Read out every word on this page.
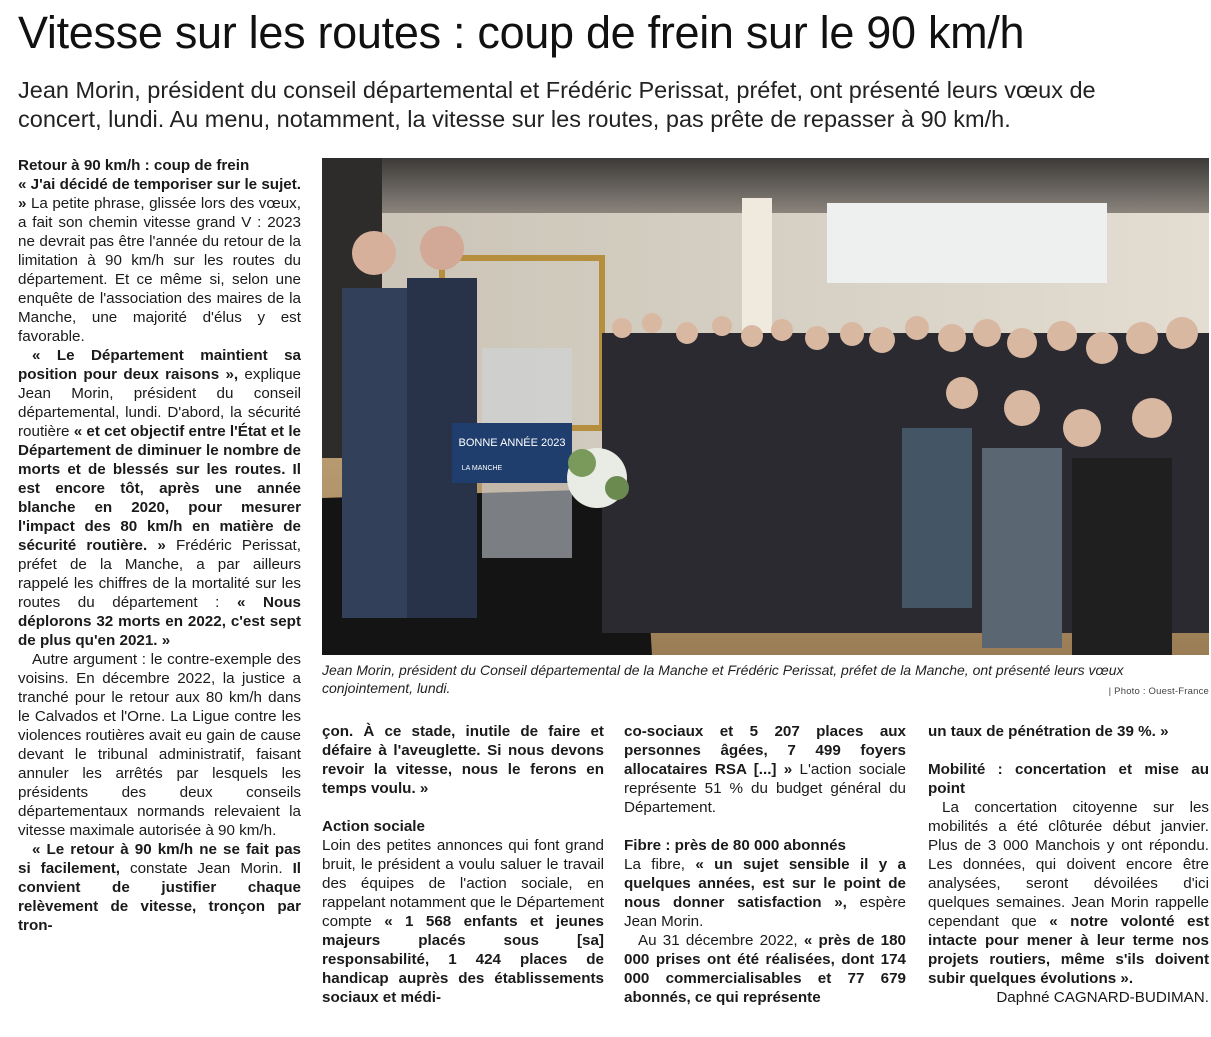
Vitesse sur les routes : coup de frein sur le 90 km/h
Jean Morin, président du conseil départemental et Frédéric Perissat, préfet, ont présenté leurs vœux de concert, lundi. Au menu, notamment, la vitesse sur les routes, pas prête de repasser à 90 km/h.

Retour à 90 km/h : coup de frein

« J'ai décidé de temporiser sur le sujet. » La petite phrase, glissée lors des vœux, a fait son chemin vitesse grand V : 2023 ne devrait pas être l'année du retour de la limitation à 90 km/h sur les routes du département. Et ce même si, selon une enquête de l'association des maires de la Manche, une majorité d'élus y est favorable.

« Le Département maintient sa position pour deux raisons », explique Jean Morin, président du conseil départemental, lundi. D'abord, la sécurité routière « et cet objectif entre l'État et le Département de diminuer le nombre de morts et de blessés sur les routes. Il est encore tôt, après une année blanche en 2020, pour mesurer l'impact des 80 km/h en matière de sécurité routière. » Frédéric Perissat, préfet de la Manche, a par ailleurs rappelé les chiffres de la mortalité sur les routes du département : « Nous déplorons 32 morts en 2022, c'est sept de plus qu'en 2021. »

Autre argument : le contre-exemple des voisins. En décembre 2022, la justice a tranché pour le retour aux 80 km/h dans le Calvados et l'Orne. La Ligue contre les violences routières avait eu gain de cause devant le tribunal administratif, faisant annuler les arrêtés par lesquels les présidents des deux conseils départementaux normands relevaient la vitesse maximale autorisée à 90 km/h.

« Le retour à 90 km/h ne se fait pas si facilement, constate Jean Morin. Il convient de justifier chaque relèvement de vitesse, tronçon par tron-

BONNE ANNÉE 2023
LA MANCHE
Jean Morin, président du Conseil départemental de la Manche et Frédéric Perissat, préfet de la Manche, ont présenté leurs vœux conjointement, lundi.	| Photo : Ouest-France

çon. À ce stade, inutile de faire et défaire à l'aveuglette. Si nous devons revoir la vitesse, nous le ferons en temps voulu. »

Action sociale

Loin des petites annonces qui font grand bruit, le président a voulu saluer le travail des équipes de l'action sociale, en rappelant notamment que le Département compte « 1 568 enfants et jeunes majeurs placés sous [sa] responsabilité, 1 424 places de handicap auprès des établissements sociaux et médi-

co-sociaux et 5 207 places aux personnes âgées, 7 499 foyers allocataires RSA [...] » L'action sociale représente 51 % du budget général du Département.

Fibre : près de 80 000 abonnés

La fibre, « un sujet sensible il y a quelques années, est sur le point de nous donner satisfaction », espère Jean Morin.

Au 31 décembre 2022, « près de 180 000 prises ont été réalisées, dont 174 000 commercialisables et 77 679 abonnés, ce qui représente

un taux de pénétration de 39 %. »

Mobilité : concertation et mise au point

La concertation citoyenne sur les mobilités a été clôturée début janvier. Plus de 3 000 Manchois y ont répondu. Les données, qui doivent encore être analysées, seront dévoilées d'ici quelques semaines. Jean Morin rappelle cependant que « notre volonté est intacte pour mener à leur terme nos projets routiers, même s'ils doivent subir quelques évolutions ».

Daphné CAGNARD-BUDIMAN.
